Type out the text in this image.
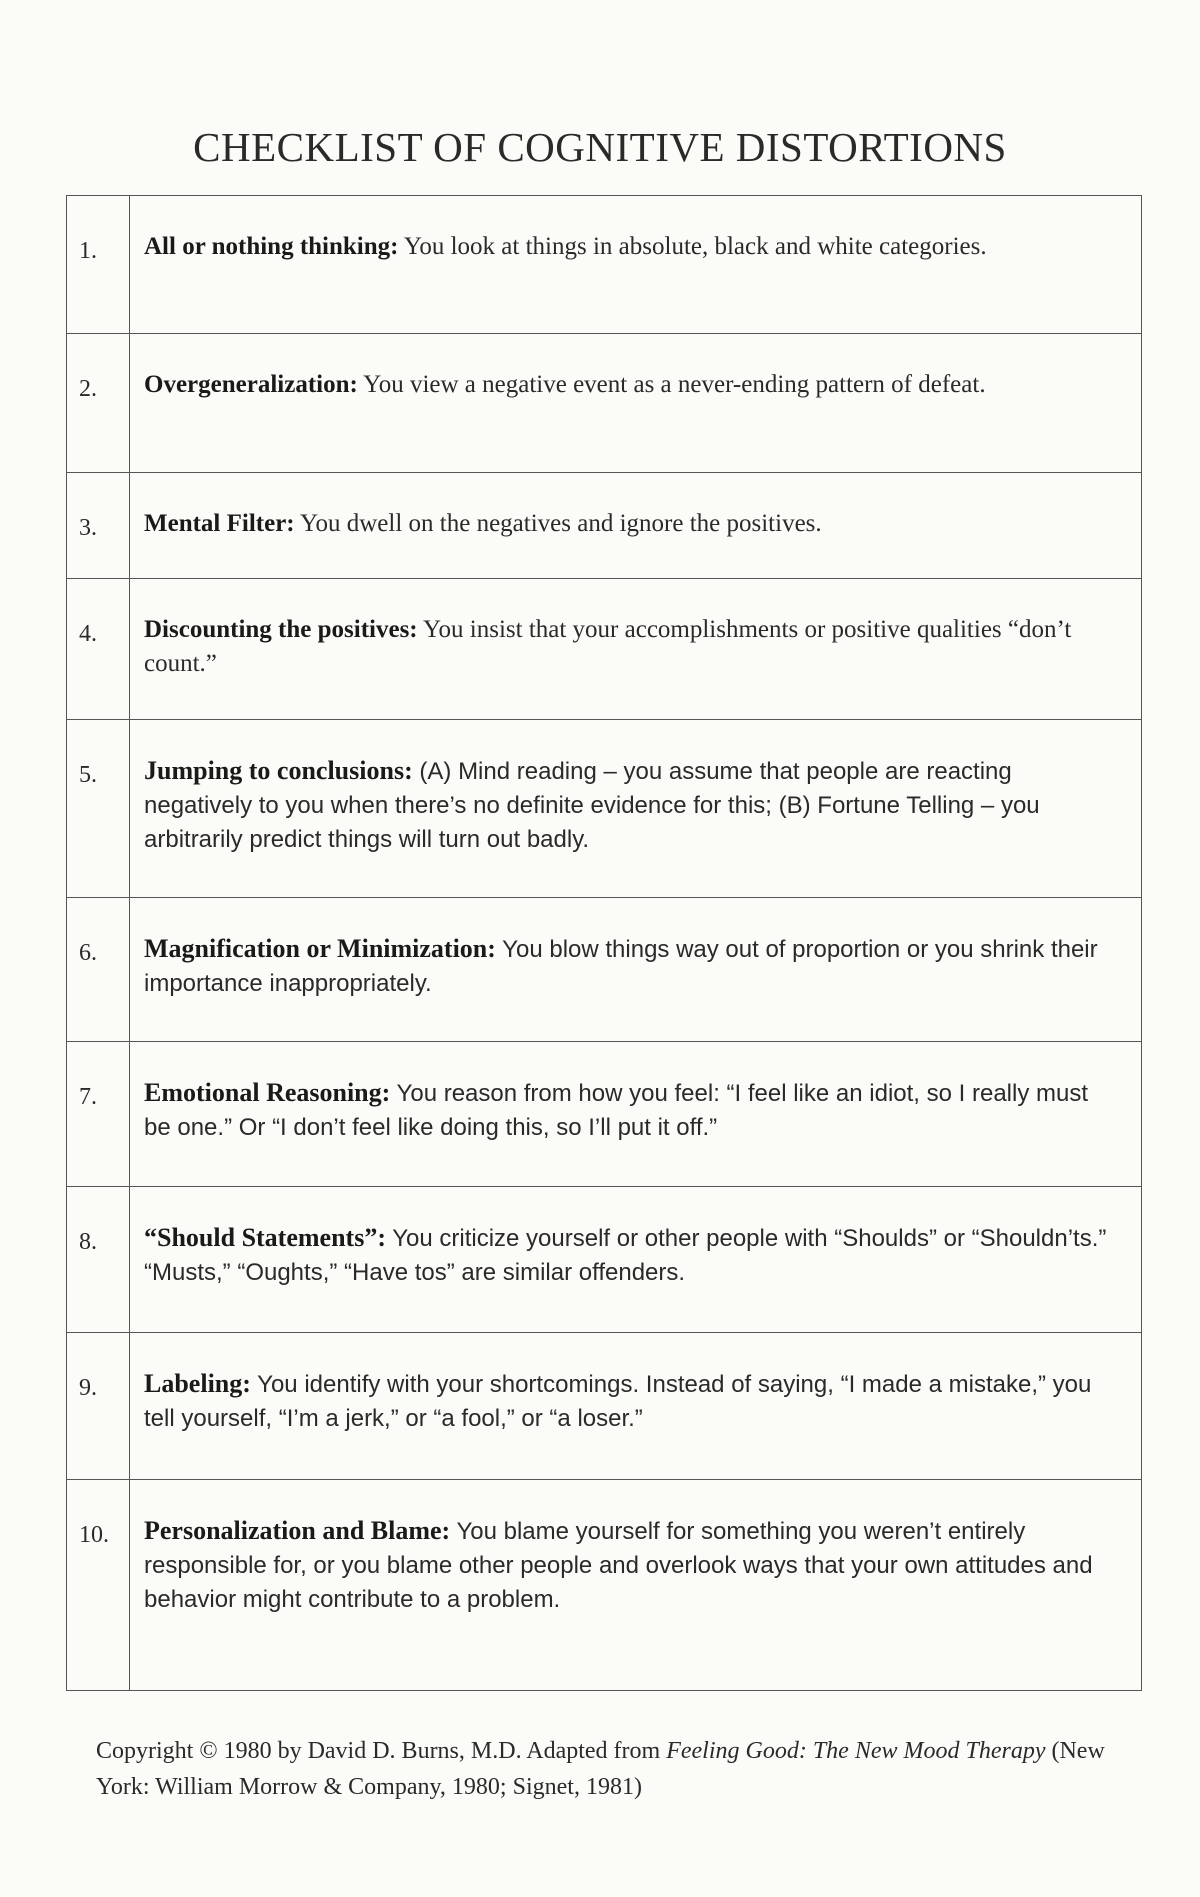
CHECKLIST OF COGNITIVE DISTORTIONS
1.	All or nothing thinking: You look at things in absolute, black and white categories.
2.	Overgeneralization: You view a negative event as a never-ending pattern of defeat.
3.	Mental Filter: You dwell on the negatives and ignore the positives.
4.	Discounting the positives: You insist that your accomplishments or positive qualities “don’t count.”
5.	Jumping to conclusions: (A) Mind reading – you assume that people are reacting negatively to you when there’s no definite evidence for this; (B) Fortune Telling – you arbitrarily predict things will turn out badly.
6.	Magnification or Minimization: You blow things way out of proportion or you shrink their importance inappropriately.
7.	Emotional Reasoning: You reason from how you feel: “I feel like an idiot, so I really must be one.” Or “I don’t feel like doing this, so I’ll put it off.”
8.	“Should Statements”: You criticize yourself or other people with “Shoulds” or “Shouldn’ts.” “Musts,” “Oughts,” “Have tos” are similar offenders.
9.	Labeling: You identify with your shortcomings. Instead of saying, “I made a mistake,” you tell yourself, “I’m a jerk,” or “a fool,” or “a loser.”
10.	Personalization and Blame: You blame yourself for something you weren’t entirely responsible for, or you blame other people and overlook ways that your own attitudes and behavior might contribute to a problem.
Copyright © 1980 by David D. Burns, M.D. Adapted from Feeling Good: The New Mood Therapy (New York: William Morrow & Company, 1980; Signet, 1981)
